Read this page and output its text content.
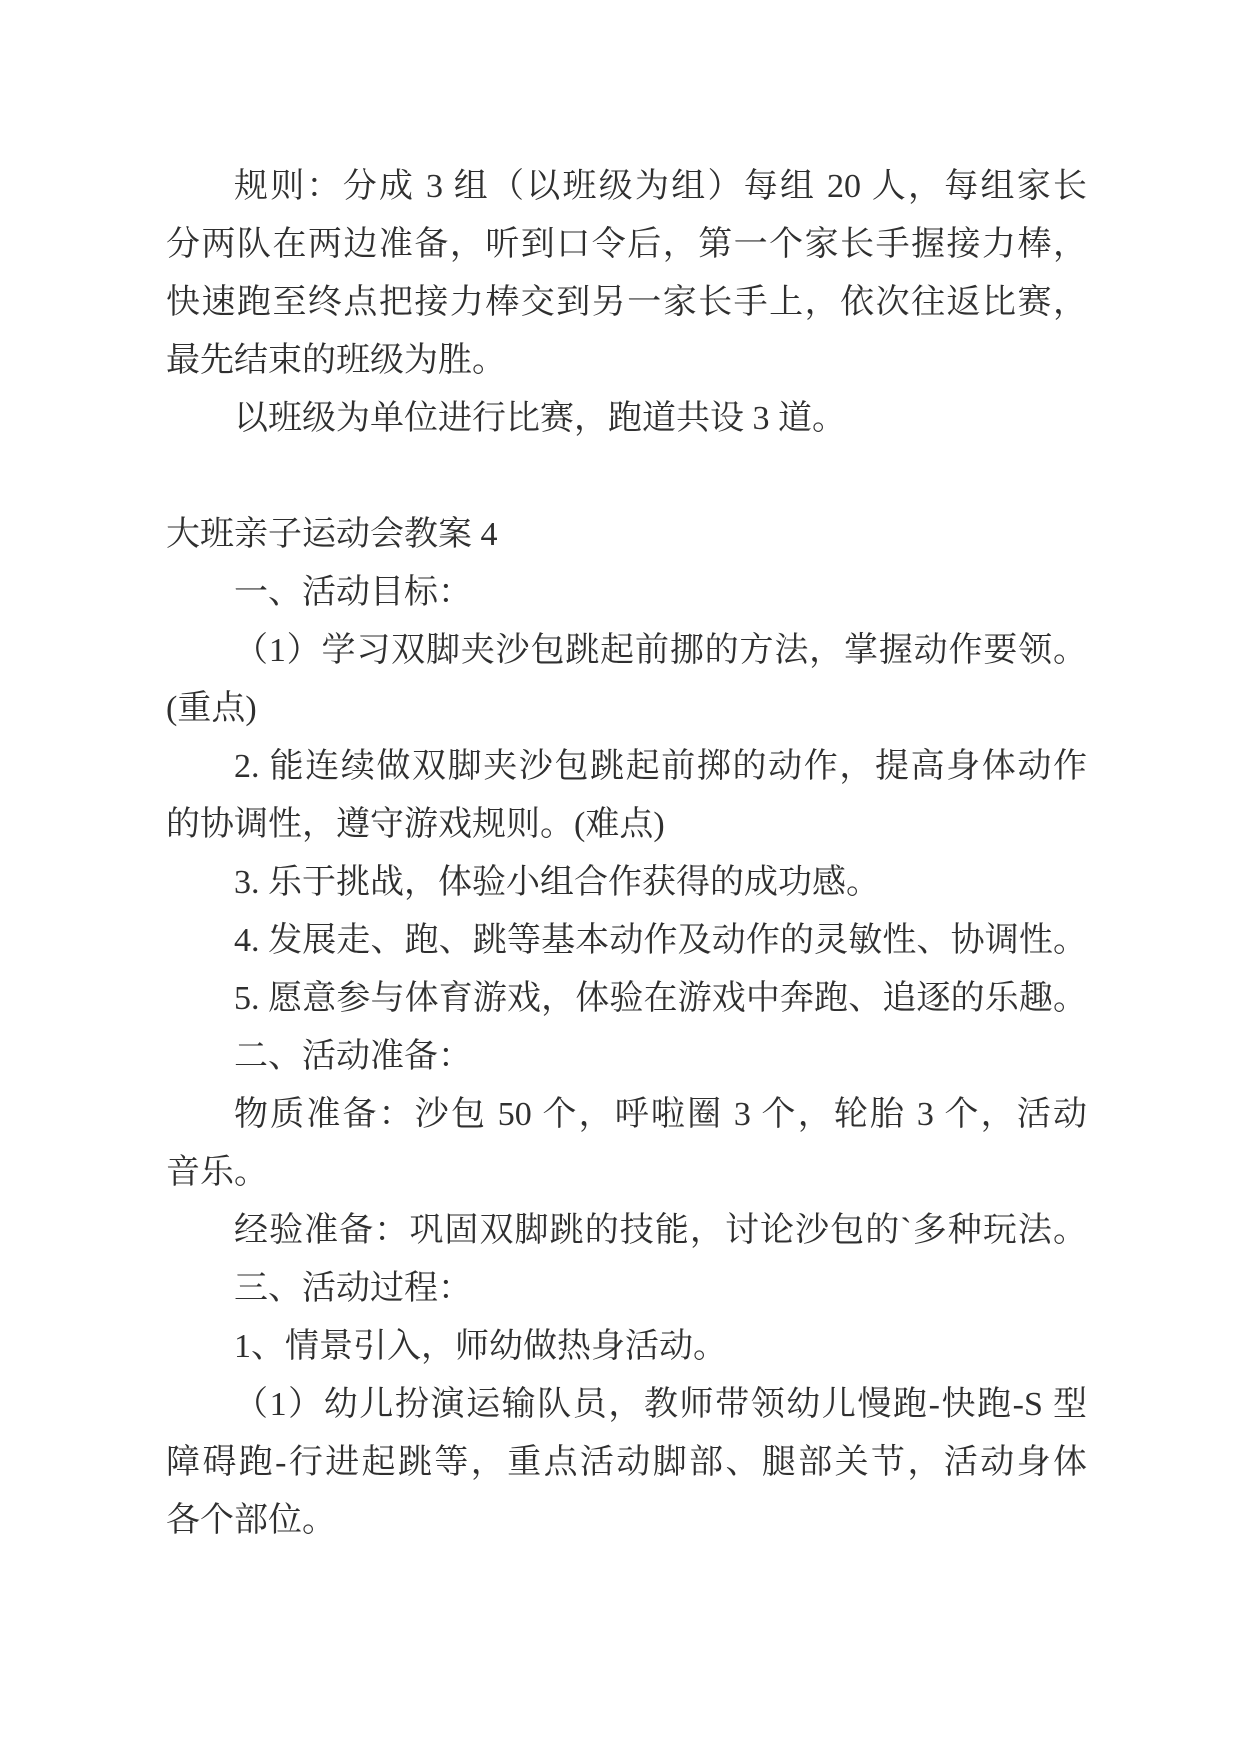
规则：分成 3 组（以班级为组）每组 20 人，每组家长
分两队在两边准备，听到口令后，第一个家长手握接力棒，
快速跑至终点把接力棒交到另一家长手上，依次往返比赛，
最先结束的班级为胜。
以班级为单位进行比赛，跑道共设 3 道。
大班亲子运动会教案 4
一、活动目标：
（1）学习双脚夹沙包跳起前挪的方法，掌握动作要领。
(重点)
2. 能连续做双脚夹沙包跳起前掷的动作，提高身体动作
的协调性，遵守游戏规则。(难点)
3. 乐于挑战，体验小组合作获得的成功感。
4. 发展走、跑、跳等基本动作及动作的灵敏性、协调性。
5. 愿意参与体育游戏，体验在游戏中奔跑、追逐的乐趣。
二、活动准备：
物质准备：沙包 50 个，呼啦圈 3 个，轮胎 3 个，活动
音乐。
经验准备：巩固双脚跳的技能，讨论沙包的`多种玩法。
三、活动过程：
1、情景引入，师幼做热身活动。
（1）幼儿扮演运输队员，教师带领幼儿慢跑-快跑-S 型
障碍跑-行进起跳等，重点活动脚部、腿部关节，活动身体
各个部位。
